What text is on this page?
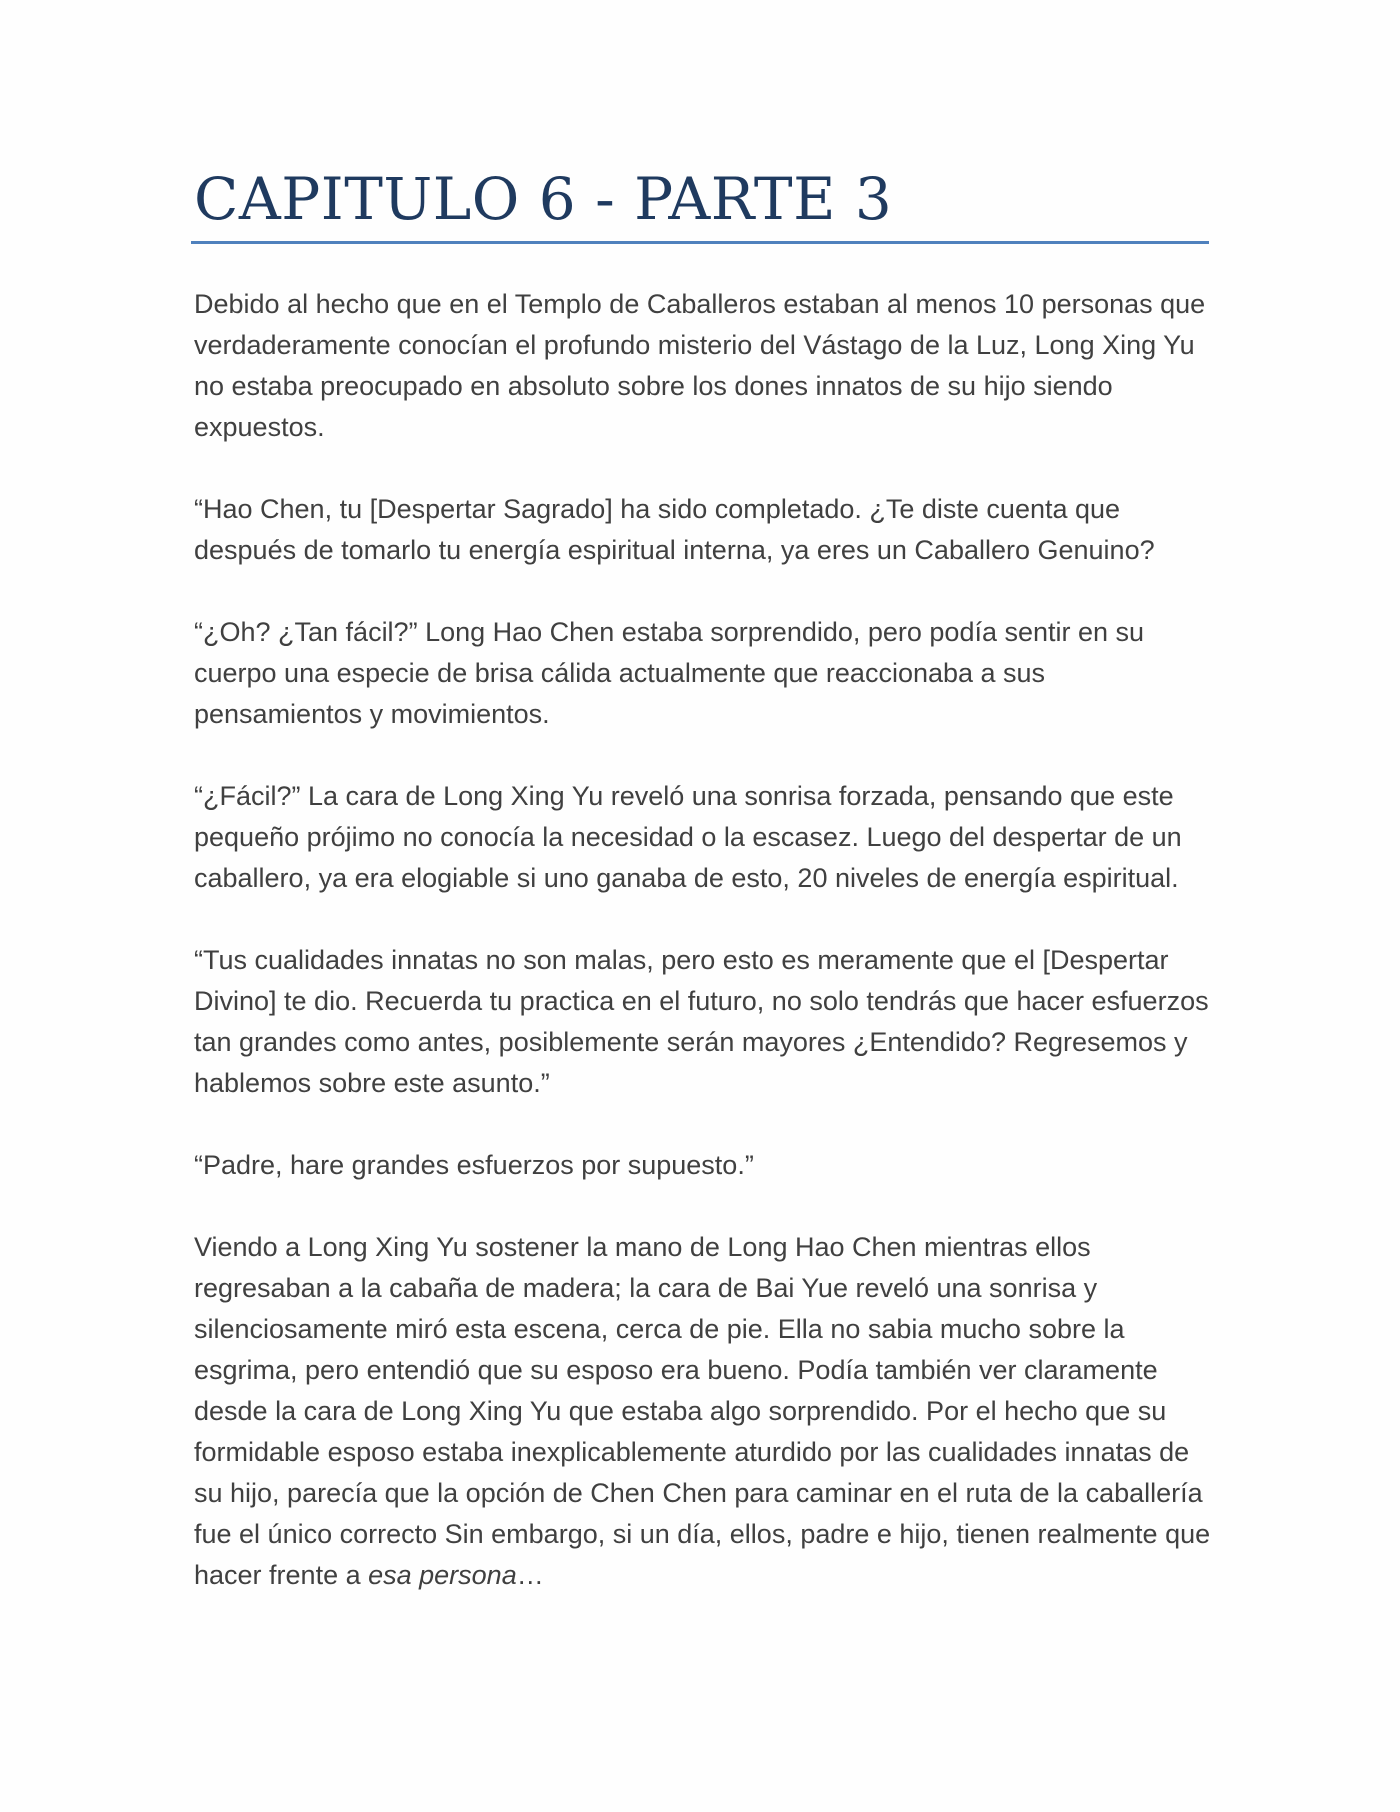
CAPITULO 6 - PARTE 3

Debido al hecho que en el Templo de Caballeros estaban al menos 10 personas que verdaderamente conocían el profundo misterio del Vástago de la Luz, Long Xing Yu no estaba preocupado en absoluto sobre los dones innatos de su hijo siendo expuestos.

“Hao Chen, tu [Despertar Sagrado] ha sido completado. ¿Te diste cuenta que después de tomarlo tu energía espiritual interna, ya eres un Caballero Genuino?

“¿Oh? ¿Tan fácil?” Long Hao Chen estaba sorprendido, pero podía sentir en su cuerpo una especie de brisa cálida actualmente que reaccionaba a sus pensamientos y movimientos.

“¿Fácil?” La cara de Long Xing Yu reveló una sonrisa forzada, pensando que este pequeño prójimo no conocía la necesidad o la escasez. Luego del despertar de un caballero, ya era elogiable si uno ganaba de esto, 20 niveles de energía espiritual.

“Tus cualidades innatas no son malas, pero esto es meramente que el [Despertar Divino] te dio. Recuerda tu practica en el futuro, no solo tendrás que hacer esfuerzos tan grandes como antes, posiblemente serán mayores ¿Entendido? Regresemos y hablemos sobre este asunto.”

“Padre, hare grandes esfuerzos por supuesto.”

Viendo a Long Xing Yu sostener la mano de Long Hao Chen mientras ellos regresaban a la cabaña de madera; la cara de Bai Yue reveló una sonrisa y silenciosamente miró esta escena, cerca de pie. Ella no sabia mucho sobre la esgrima, pero entendió que su esposo era bueno. Podía también ver claramente desde la cara de Long Xing Yu que estaba algo sorprendido. Por el hecho que su formidable esposo estaba inexplicablemente aturdido por las cualidades innatas de su hijo, parecía que la opción de Chen Chen para caminar en el ruta de la caballería fue el único correcto Sin embargo, si un día, ellos, padre e hijo, tienen realmente que hacer frente a esa persona…
